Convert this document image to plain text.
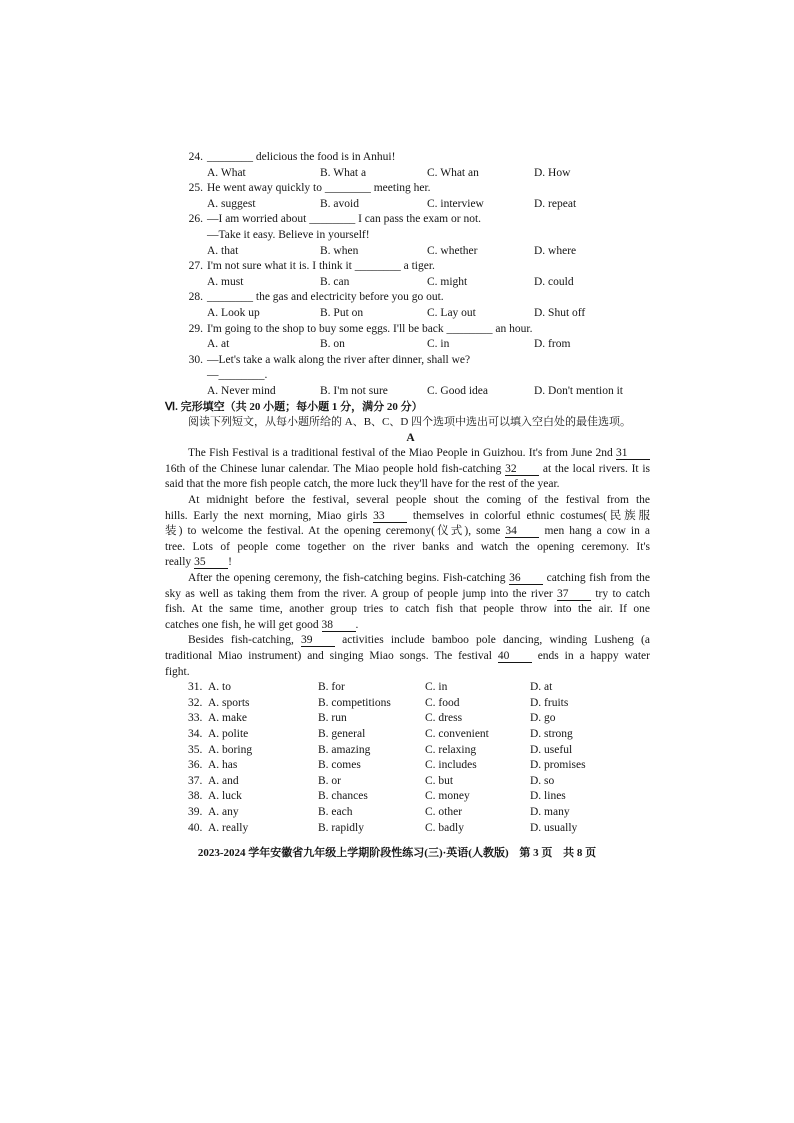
24. ________ delicious the food is in Anhui!
A. What	B. What a	C. What an	D. How
25. He went away quickly to ________ meeting her.
A. suggest	B. avoid	C. interview	D. repeat
26. —I am worried about ________ I can pass the exam or not.
—Take it easy. Believe in yourself!
A. that	B. when	C. whether	D. where
27. I'm not sure what it is. I think it ________ a tiger.
A. must	B. can	C. might	D. could
28. ________ the gas and electricity before you go out.
A. Look up	B. Put on	C. Lay out	D. Shut off
29. I'm going to the shop to buy some eggs. I'll be back ________ an hour.
A. at	B. on	C. in	D. from
30. —Let's take a walk along the river after dinner, shall we?
—________.
A. Never mind	B. I'm not sure	C. Good idea	D. Don't mention it
Ⅵ. 完形填空（共 20 小题；每小题 1 分，满分 20 分）
阅读下列短文，从每小题所给的 A、B、C、D 四个选项中选出可以填入空白处的最佳选项。
A
The Fish Festival is a traditional festival of the Miao People in Guizhou. It's from June 2nd 31
16th of the Chinese lunar calendar. The Miao people hold fish-catching 32 at the local rivers. It is
said that the more fish people catch, the more luck they'll have for the rest of the year.
At midnight before the festival, several people shout the coming of the festival from the
hills. Early the next morning, Miao girls 33 themselves in colorful ethnic costumes(民族服
装) to welcome the festival. At the opening ceremony(仪式), some 34 men hang a cow in a
tree. Lots of people come together on the river banks and watch the opening ceremony. It's
really 35 !
After the opening ceremony, the fish-catching begins. Fish-catching 36 catching fish from the
sky as well as taking them from the river. A group of people jump into the river 37 try to catch
fish. At the same time, another group tries to catch fish that people throw into the air. If one
catches one fish, he will get good 38 .
Besides fish-catching, 39 activities include bamboo pole dancing, winding Lusheng (a
traditional Miao instrument) and singing Miao songs. The festival 40 ends in a happy water
fight.
31. A. to	B. for	C. in	D. at
32. A. sports	B. competitions	C. food	D. fruits
33. A. make	B. run	C. dress	D. go
34. A. polite	B. general	C. convenient	D. strong
35. A. boring	B. amazing	C. relaxing	D. useful
36. A. has	B. comes	C. includes	D. promises
37. A. and	B. or	C. but	D. so
38. A. luck	B. chances	C. money	D. lines
39. A. any	B. each	C. other	D. many
40. A. really	B. rapidly	C. badly	D. usually
2023-2024 学年安徽省九年级上学期阶段性练习(三)·英语(人教版) 第 3 页 共 8 页
